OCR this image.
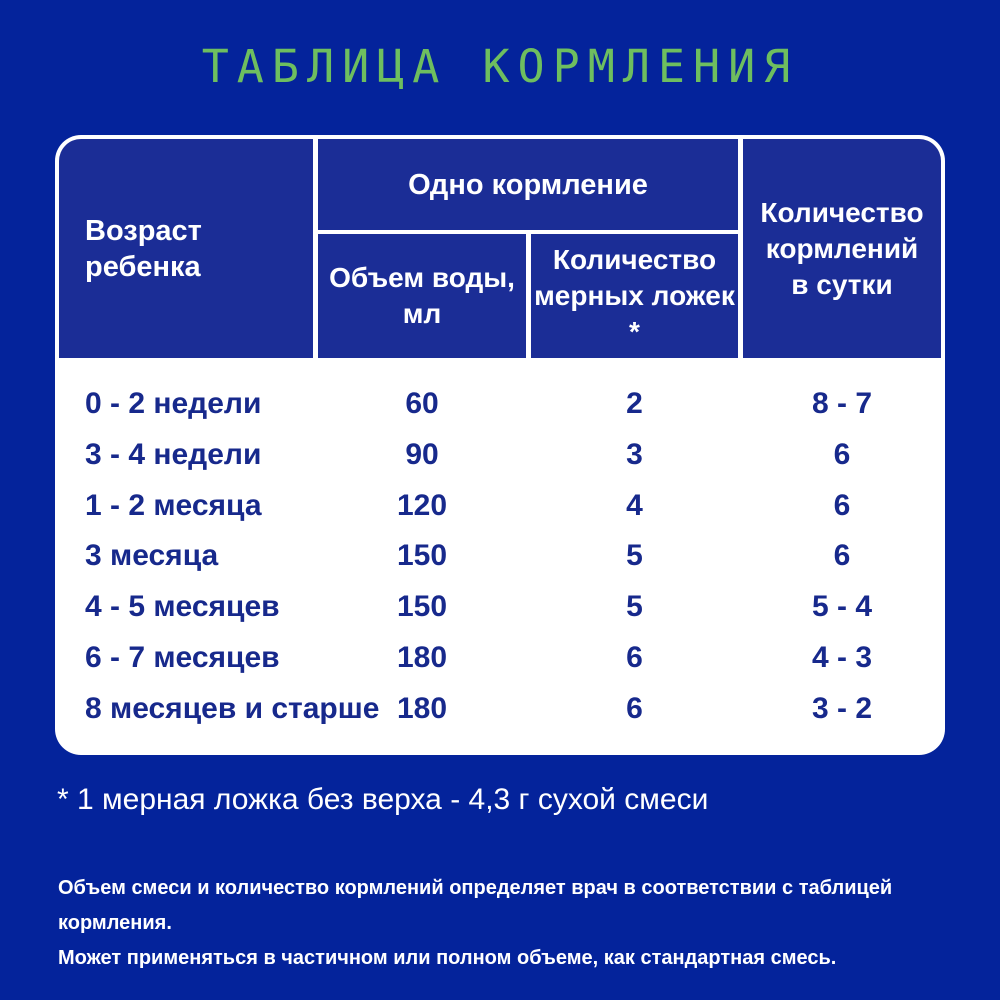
ТАБЛИЦА КОРМЛЕНИЯ
Возраст ребенка
Одно кормление
Количество кормлений в сутки
Объем воды, мл
Количество мерных ложек *
0 - 2 недели	60	2	8 - 7
3 - 4 недели	90	3	6
1 - 2 месяца	120	4	6
3 месяца	150	5	6
4 - 5 месяцев	150	5	5 - 4
6 - 7 месяцев	180	6	4 - 3
8 месяцев и старше 180	6	3 - 2
* 1 мерная ложка без верха - 4,3 г сухой смеси
Объем смеси и количество кормлений определяет врач в соответствии с таблицей кормления.
Может применяться в частичном или полном объеме, как стандартная смесь.
